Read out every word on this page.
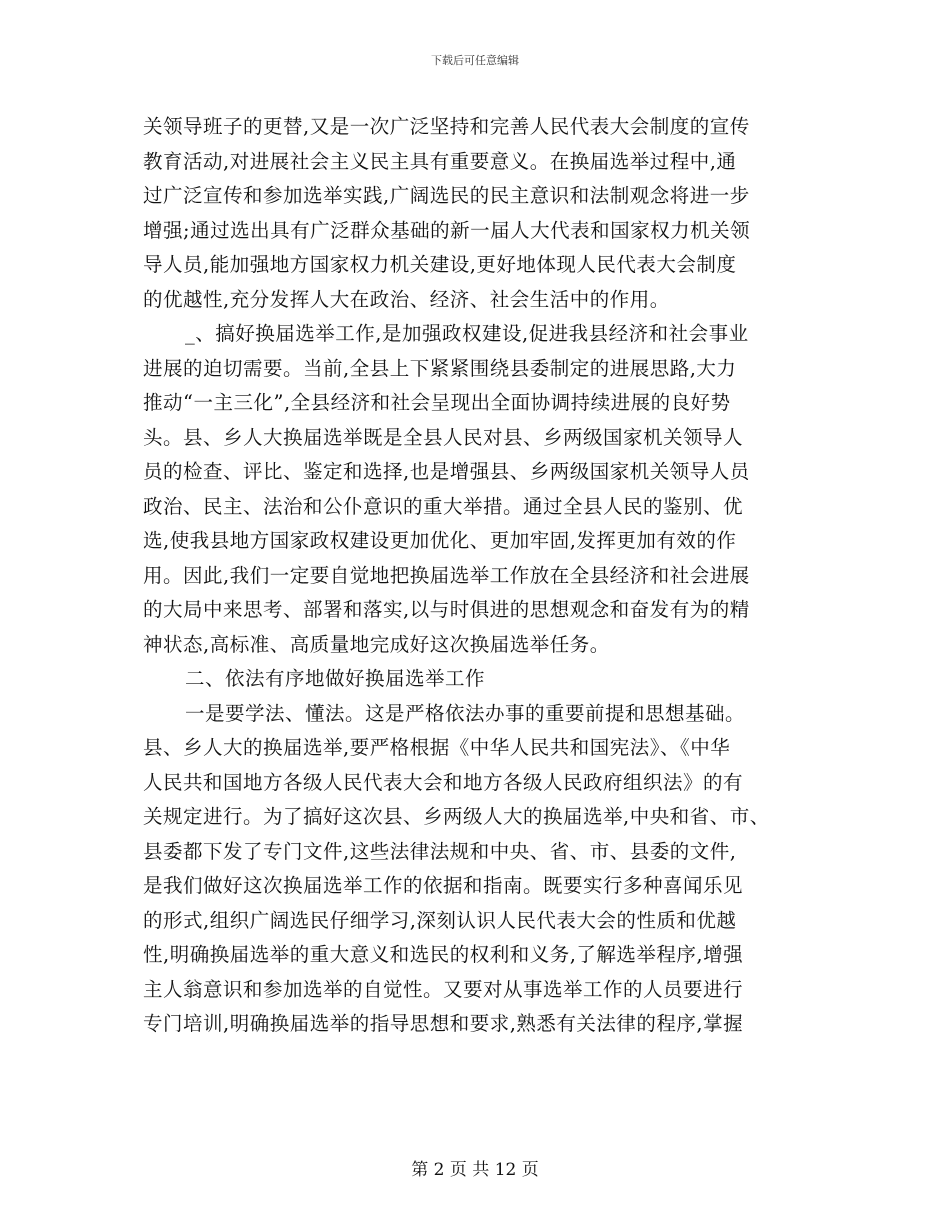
下载后可任意编辑
关领导班子的更替,又是一次广泛坚持和完善人民代表大会制度的宣传
教育活动,对进展社会主义民主具有重要意义。在换届选举过程中,通
过广泛宣传和参加选举实践,广阔选民的民主意识和法制观念将进一步
增强;通过选出具有广泛群众基础的新一届人大代表和国家权力机关领
导人员,能加强地方国家权力机关建设,更好地体现人民代表大会制度
的优越性,充分发挥人大在政治、经济、社会生活中的作用。
_、搞好换届选举工作,是加强政权建设,促进我县经济和社会事业
进展的迫切需要。当前,全县上下紧紧围绕县委制定的进展思路,大力
推动“一主三化”,全县经济和社会呈现出全面协调持续进展的良好势
头。县、乡人大换届选举既是全县人民对县、乡两级国家机关领导人
员的检查、评比、鉴定和选择,也是增强县、乡两级国家机关领导人员
政治、民主、法治和公仆意识的重大举措。通过全县人民的鉴别、优
选,使我县地方国家政权建设更加优化、更加牢固,发挥更加有效的作
用。因此,我们一定要自觉地把换届选举工作放在全县经济和社会进展
的大局中来思考、部署和落实,以与时俱进的思想观念和奋发有为的精
神状态,高标准、高质量地完成好这次换届选举任务。
二、依法有序地做好换届选举工作
一是要学法、懂法。这是严格依法办事的重要前提和思想基础。
县、乡人大的换届选举,要严格根据《中华人民共和国宪法》、《中华
人民共和国地方各级人民代表大会和地方各级人民政府组织法》的有
关规定进行。为了搞好这次县、乡两级人大的换届选举,中央和省、市、
县委都下发了专门文件,这些法律法规和中央、省、市、县委的文件,
是我们做好这次换届选举工作的依据和指南。既要实行多种喜闻乐见
的形式,组织广阔选民仔细学习,深刻认识人民代表大会的性质和优越
性,明确换届选举的重大意义和选民的权利和义务,了解选举程序,增强
主人翁意识和参加选举的自觉性。又要对从事选举工作的人员要进行
专门培训,明确换届选举的指导思想和要求,熟悉有关法律的程序,掌握
第 2 页 共 12 页
